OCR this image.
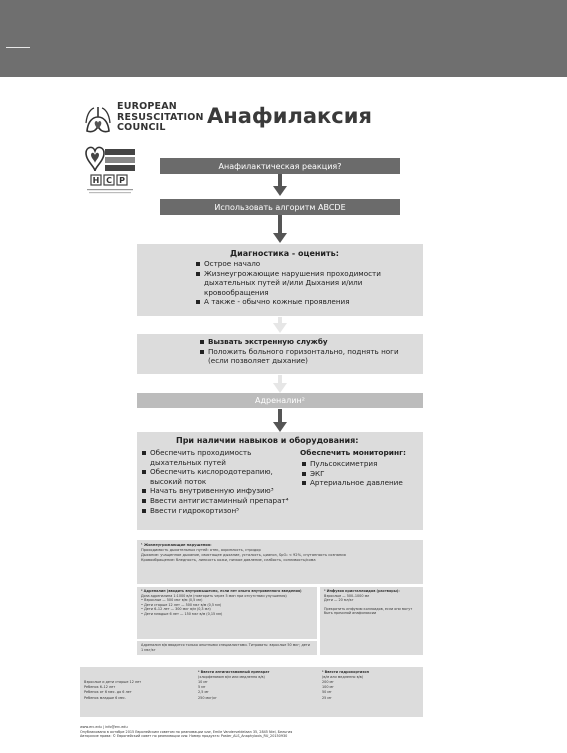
EUROPEAN
RESUSCITATION
COUNCIL	Анафилаксия
Н С Р
Анафилактическая реакция?
Использовать алгоритм ABCDE
Диагностика - оценить:
Острое начало
Жизнеугрожающие нарушения проходимости дыхательных путей и/или Дыхания и/или кровообращения
А также - обычно кожные проявления
Вызвать экстренную службу
Положить больного горизонтально, поднять ноги (если позволяет дыхание)
Адреналин²
При наличии навыков и оборудования:
Обеспечить проходимость дыхательных путей
Обеспечить кислородотерапию, высокий поток
Начать внутривенную инфузию³
Ввести антигистаминный препарат⁴
Ввести гидрокортизон⁵
Обеспечить мониторинг:
Пульсоксиметрия
ЭКГ
Артериальное давление
¹ Жизнеугрожающие нарушения:
Проходимость дыхательных путей: отек, охриплость, стридор
Дыхание: учащенное дыхание, свистящее дыхание, усталость, цианоз, SpO₂ < 92%, спутанность сознания
Кровообращение: бледность, липкость кожи, низкое давление, слабость, сонливость/кома
² Адреналин (вводить внутримышечно, если нет опыта внутривенного введения)
Доза адреналина 1:1000 в/м (повторить через 5 мин при отсутствии улучшения)
• Взрослые — 500 мкг в/м (0,5 мл)
• Дети старше 12 лет — 500 мкг в/м (0,5 мл)
• Дети 6–12 лет — 300 мкг в/м (0,3 мл)
• Дети младше 6 лет — 150 мкг в/м (0,15 мл)
Адреналин в/в вводится только опытными специалистами. Титровать: взрослые 50 мкг; дети 1 мкг/кг
³ Инфузия кристаллоидов (растворы):
Взрослые — 500–1000 мл
Дети — 20 мл/кг
Прекратить инфузию коллоидов, если они могут быть причиной анафилаксии
	⁴ Ввести антигистаминный препарат	⁵ Ввести гидрокортизон
	(хлорфенамин в/м или медленно в/в)	(в/м или медленно в/в)
Взрослые и дети старше 12 лет	10 мг	200 мг
Ребенок 6–12 лет	5 мг	100 мг
Ребенок от 6 мес. до 6 лет	2,5 мг	50 мг
Ребенок младше 6 мес.	250 мкг/кг	25 мг
www.erc.edu | info@erc.edu
Опубликовано в октябре 2015 Европейским советом по реанимации vzw, Emile Vanderveldelaan 35, 2845 Niel, Бельгия
Авторские права: © Европейский совет по реанимации vzw. Номер продукта: Poster_ALS_Anaphylaxis_RU_20150930
